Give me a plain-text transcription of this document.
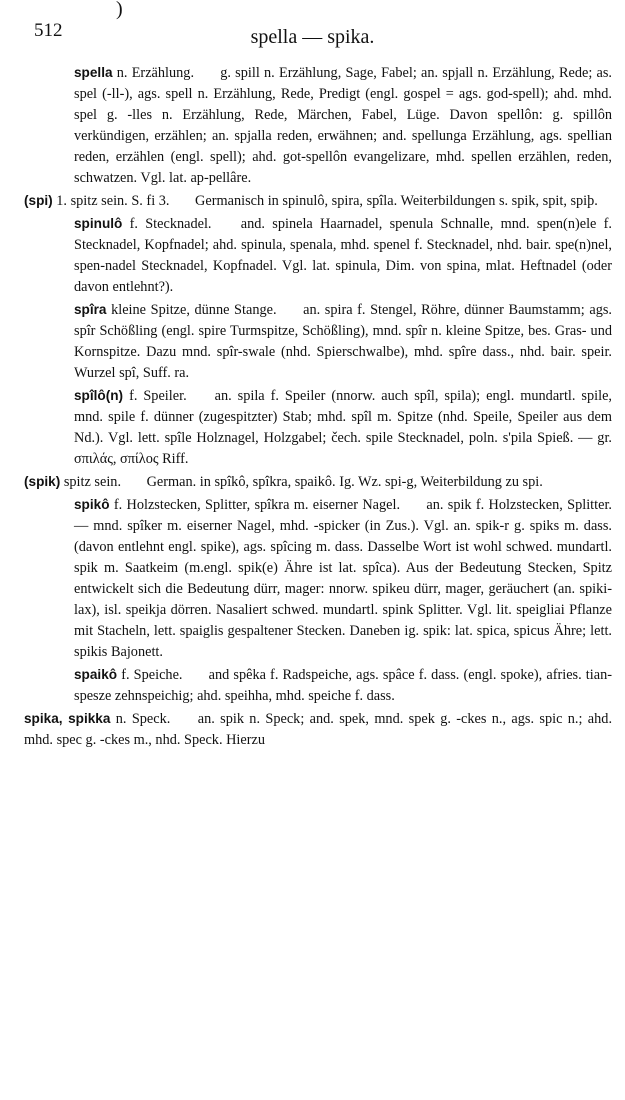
)
512	spella — spika.

spella n. Erzählung. g. spill n. Erzählung, Sage, Fabel; an. spjall n. Erzählung, Rede; as. spel (-ll-), ags. spell n. Erzählung, Rede, Predigt (engl. gospel = ags. god-spell); ahd. mhd. spel g. -lles n. Erzählung, Rede, Märchen, Fabel, Lüge. Davon spellôn: g. spillôn verkündigen, erzählen; an. spjalla reden, erwähnen; and. spellunga Erzählung, ags. spellian reden, erzählen (engl. spell); ahd. got-spellôn evangelizare, mhd. spellen erzählen, reden, schwatzen. Vgl. lat. ap-pellâre.

(spi) 1. spitz sein. S. fi 3. Germanisch in spinulô, spira, spîla. Weiterbildungen s. spik, spit, spiþ.

spinulô f. Stecknadel. and. spinela Haarnadel, spenula Schnalle, mnd. spen(n)ele f. Stecknadel, Kopfnadel; ahd. spinula, spenala, mhd. spenel f. Stecknadel, nhd. bair. spe(n)nel, spen-nadel Stecknadel, Kopfnadel. Vgl. lat. spinula, Dim. von spina, mlat. Heftnadel (oder davon entlehnt?).

spîra kleine Spitze, dünne Stange. an. spira f. Stengel, Röhre, dünner Baumstamm; ags. spîr Schößling (engl. spire Turmspitze, Schößling), mnd. spîr n. kleine Spitze, bes. Gras- und Kornspitze. Dazu mnd. spîr-swale (nhd. Spierschwalbe), mhd. spîre dass., nhd. bair. speir. Wurzel spî, Suff. ra.

spîlô(n) f. Speiler. an. spila f. Speiler (nnorw. auch spîl, spila); engl. mundartl. spile, mnd. spile f. dünner (zugespitzter) Stab; mhd. spîl m. Spitze (nhd. Speile, Speiler aus dem Nd.). Vgl. lett. spîle Holznagel, Holzgabel; čech. spile Stecknadel, poln. s'pila Spieß. — gr. σπιλάς, σπίλος Riff.

(spik) spitz sein. German. in spîkô, spîkra, spaikô. Ig. Wz. spi-g, Weiterbildung zu spi.

spikô f. Holzstecken, Splitter, spîkra m. eiserner Nagel. an. spik f. Holzstecken, Splitter. — mnd. spîker m. eiserner Nagel, mhd. -spicker (in Zus.). Vgl. an. spik-r g. spiks m. dass. (davon entlehnt engl. spike), ags. spîcing m. dass. Dasselbe Wort ist wohl schwed. mundartl. spik m. Saatkeim (m.engl. spik(e) Ähre ist lat. spîca). Aus der Bedeutung Stecken, Spitz entwickelt sich die Bedeutung dürr, mager: nnorw. spikeu dürr, mager, geräuchert (an. spiki-lax), isl. speikja dörren. Nasaliert schwed. mundartl. spink Splitter. Vgl. lit. speigliai Pflanze mit Stacheln, lett. spaiglis gespaltener Stecken. Daneben ig. spik: lat. spica, spicus Ähre; lett. spikis Bajonett.

spaikô f. Speiche. and spêka f. Radspeiche, ags. spâce f. dass. (engl. spoke), afries. tian-spesze zehnspeichig; ahd. speihha, mhd. speiche f. dass.

spika, spikka n. Speck. an. spik n. Speck; and. spek, mnd. spek g. -ckes n., ags. spic n.; ahd. mhd. spec g. -ckes m., nhd. Speck. Hierzu
